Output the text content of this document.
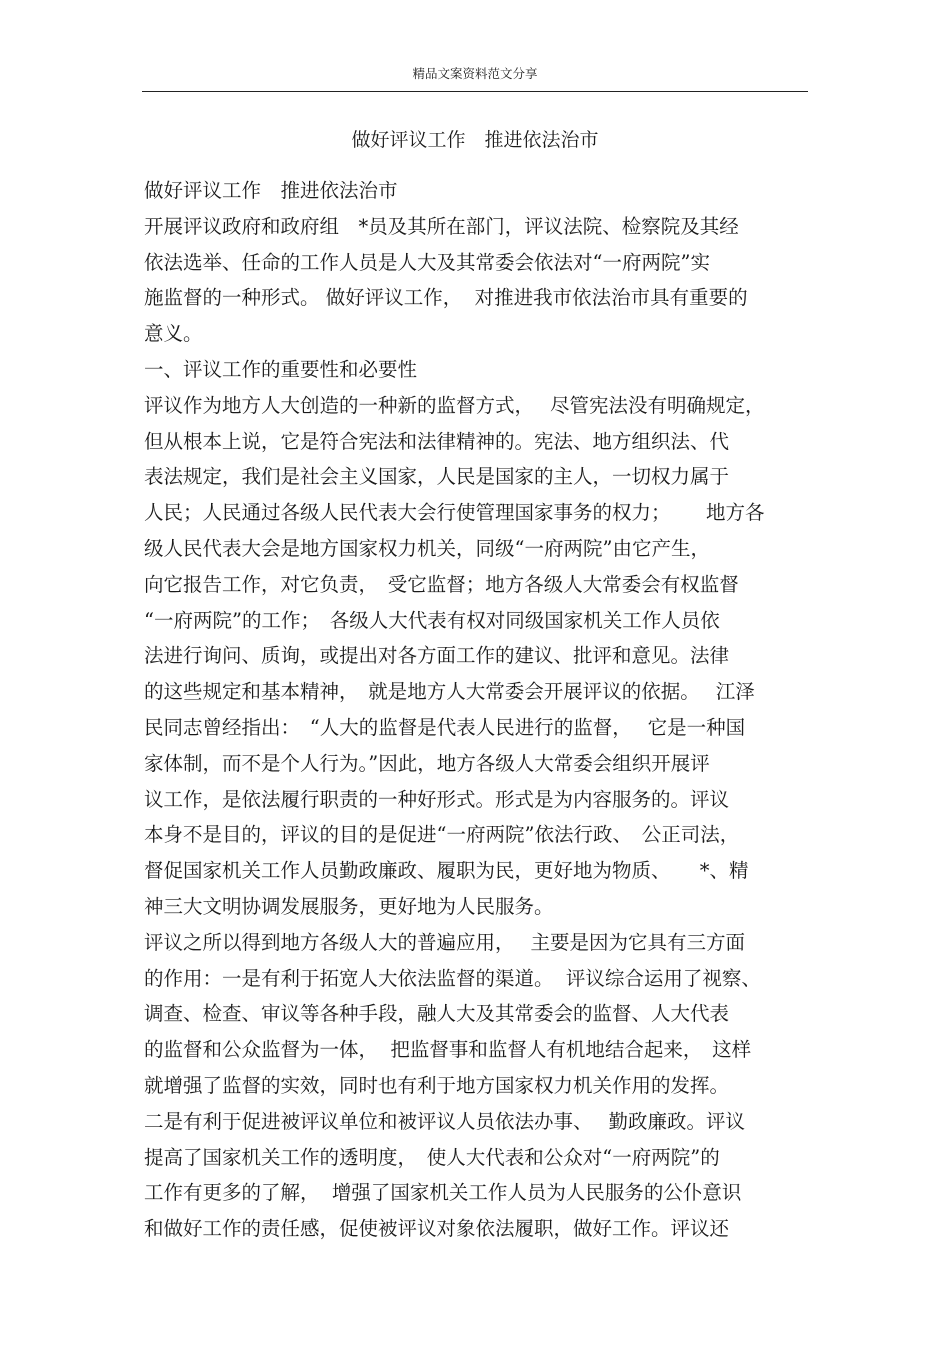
精品文案资料范文分享
做好评议工作　推进依法治市
做好评议工作　推进依法治市
开展评议政府和政府组　*员及其所在部门，评议法院、检察院及其经
依法选举、任命的工作人员是人大及其常委会依法对“一府两院”实
施监督的一种形式。 做好评议工作，  对推进我市依法治市具有重要的
意义。
一、评议工作的重要性和必要性
评议作为地方人大创造的一种新的监督方式，　 尽管宪法没有明确规定，
但从根本上说，它是符合宪法和法律精神的。宪法、地方组织法、代
表法规定，我们是社会主义国家，人民是国家的主人，一切权力属于
人民；人民通过各级人民代表大会行使管理国家事务的权力；　 　地方各
级人民代表大会是地方国家权力机关，同级“一府两院”由它产生，
向它报告工作，对它负责，　受它监督；地方各级人大常委会有权监督
“一府两院”的工作；　各级人大代表有权对同级国家机关工作人员依
法进行询问、质询，或提出对各方面工作的建议、批评和意见。法律
的这些规定和基本精神，　就是地方人大常委会开展评议的依据。　 江泽
民同志曾经指出：　“人大的监督是代表人民进行的监督，　 它是一种国
家体制，而不是个人行为。”因此，地方各级人大常委会组织开展评
议工作，是依法履行职责的一种好形式。形式是为内容服务的。评议
本身不是目的，评议的目的是促进“一府两院”依法行政、　公正司法，
督促国家机关工作人员勤政廉政、履职为民，更好地为物质、　　*、精
神三大文明协调发展服务，更好地为人民服务。
评议之所以得到地方各级人大的普遍应用，　 主要是因为它具有三方面
的作用：一是有利于拓宽人大依法监督的渠道。  评议综合运用了视察、
调查、检查、审议等各种手段，融人大及其常委会的监督、人大代表
的监督和公众监督为一体，  把监督事和监督人有机地结合起来，　这样
就增强了监督的实效，同时也有利于地方国家权力机关作用的发挥。
二是有利于促进被评议单位和被评议人员依法办事、　 勤政廉政。评议
提高了国家机关工作的透明度，　使人大代表和公众对“一府两院”的
工作有更多的了解，  增强了国家机关工作人员为人民服务的公仆意识
和做好工作的责任感，促使被评议对象依法履职，做好工作。评议还
